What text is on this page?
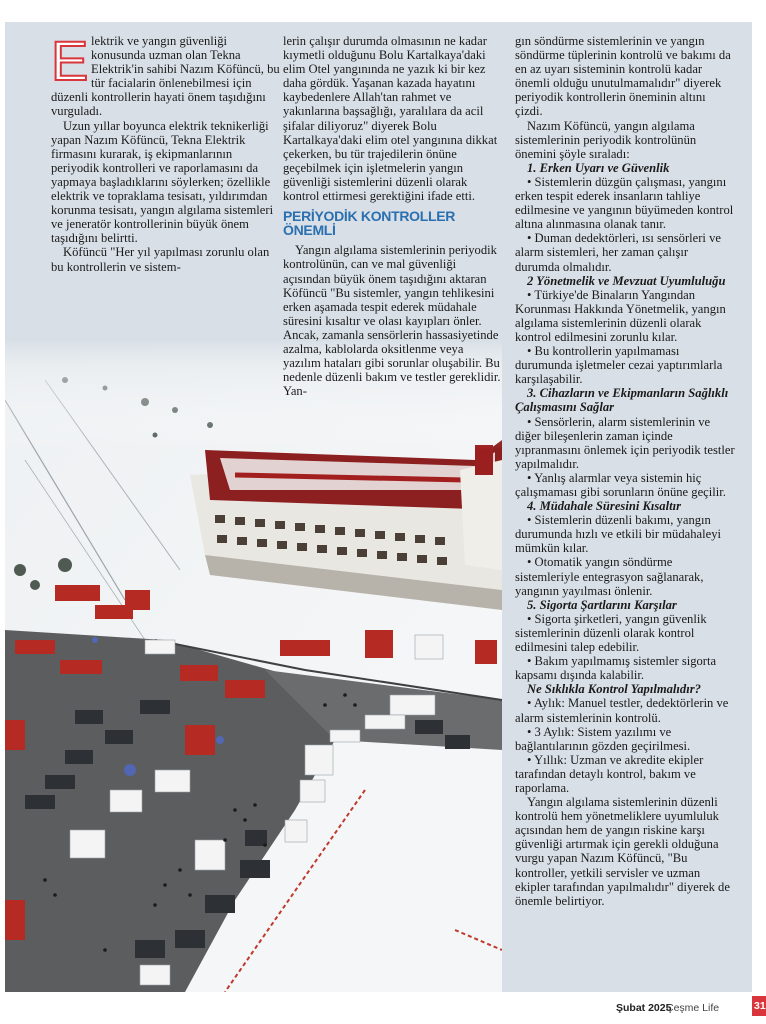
Elektrik ve yangın güvenliği konusunda uzman olan Tekna Elektrik'in sahibi Nazım Köfüncü, bu tür facialarin önlenebilmesi için düzenli kontrollerin hayati önem taşıdığını vurguladı.

Uzun yıllar boyunca elektrik teknikerliği yapan Nazım Köfüncü, Tekna Elektrik firmasını kurarak, iş ekipmanlarının periyodik kontrolleri ve raporlamasını da yapmaya başladıklarını söylerken; özellikle elektrik ve topraklama tesisatı, yıldırımdan korunma tesisatı, yangın algılama sistemleri ve jeneratör kontrollerinin büyük önem taşıdığını belirtti.

Köfüncü "Her yıl yapılması zorunlu olan bu kontrollerin ve sistem-

lerin çalışır durumda olmasının ne kadar kıymetli olduğunu Bolu Kartalkaya'daki elim Otel yangınında ne yazık ki bir kez daha gördük. Yaşanan kazada hayatını kaybedenlere Allah'tan rahmet ve yakınlarına başsağlığı, yaralılara da acil şifalar diliyoruz" diyerek Bolu Kartalkaya'daki elim otel yangınına dikkat çekerken, bu tür trajedilerin önüne geçebilmek için işletmelerin yangın güvenliği sistemlerini düzenli olarak kontrol ettirmesi gerektiğini ifade etti.

PERİYODİK KONTROLLER ÖNEMLİ

Yangın algılama sistemlerinin periyodik kontrolünün, can ve mal güvenliği açısından büyük önem taşıdığını aktaran Köfüncü "Bu sistemler, yangın tehlikesini erken aşamada tespit ederek müdahale süresini kısaltır ve olası kayıpları önler. Ancak, zamanla sensörlerin hassasiyetinde azalma, kablolarda oksitlenme veya yazılım hataları gibi sorunlar oluşabilir. Bu nedenle düzenli bakım ve testler gereklidir. Yan-

gın söndürme sistemlerinin ve yangın söndürme tüplerinin kontrolü ve bakımı da en az uyarı sisteminin kontrolü kadar önemli olduğu unutulmamalıdır" diyerek periyodik kontrollerin öneminin altını çizdi.

Nazım Köfüncü, yangın algılama sistemlerinin periyodik kontrolünün önemini şöyle sıraladı:

1. Erken Uyarı ve Güvenlik

• Sistemlerin düzgün çalışması, yangını erken tespit ederek insanların tahliye edilmesine ve yangının büyümeden kontrol altına alınmasına olanak tanır.

• Duman dedektörleri, ısı sensörleri ve alarm sistemleri, her zaman çalışır durumda olmalıdır.

2 Yönetmelik ve Mevzuat Uyumluluğu

• Türkiye'de Binaların Yangından Korunması Hakkında Yönetmelik, yangın algılama sistemlerinin düzenli olarak kontrol edilmesini zorunlu kılar.

• Bu kontrollerin yapılmaması durumunda işletmeler cezai yaptırımlarla karşılaşabilir.

3. Cihazların ve Ekipmanların Sağlıklı Çalışmasını Sağlar

• Sensörlerin, alarm sistemlerinin ve diğer bileşenlerin zaman içinde yıpranmasını önlemek için periyodik testler yapılmalıdır.

• Yanlış alarmlar veya sistemin hiç çalışmaması gibi sorunların önüne geçilir.

4. Müdahale Süresini Kısaltır

• Sistemlerin düzenli bakımı, yangın durumunda hızlı ve etkili bir müdahaleyi mümkün kılar.

• Otomatik yangın söndürme sistemleriyle entegrasyon sağlanarak, yangının yayılması önlenir.

5. Sigorta Şartlarını Karşılar

• Sigorta şirketleri, yangın güvenlik sistemlerinin düzenli olarak kontrol edilmesini talep edebilir.

• Bakım yapılmamış sistemler sigorta kapsamı dışında kalabilir.

Ne Sıklıkla Kontrol Yapılmalıdır?

• Aylık: Manuel testler, dedektörlerin ve alarm sistemlerinin kontrolü.

• 3 Aylık: Sistem yazılımı ve bağlantılarının gözden geçirilmesi.

• Yıllık: Uzman ve akredite ekipler tarafından detaylı kontrol, bakım ve raporlama.

Yangın algılama sistemlerinin düzenli kontrolü hem yönetmeliklere uyumluluk açısından hem de yangın riskine karşı güvenliği artırmak için gerekli olduğuna vurgu yapan Nazım Köfüncü, "Bu kontroller, yetkili servisler ve uzman ekipler tarafından yapılmalıdır" diyerek de önemle belirtiyor.

Şubat 2025
Çeşme Life	31
